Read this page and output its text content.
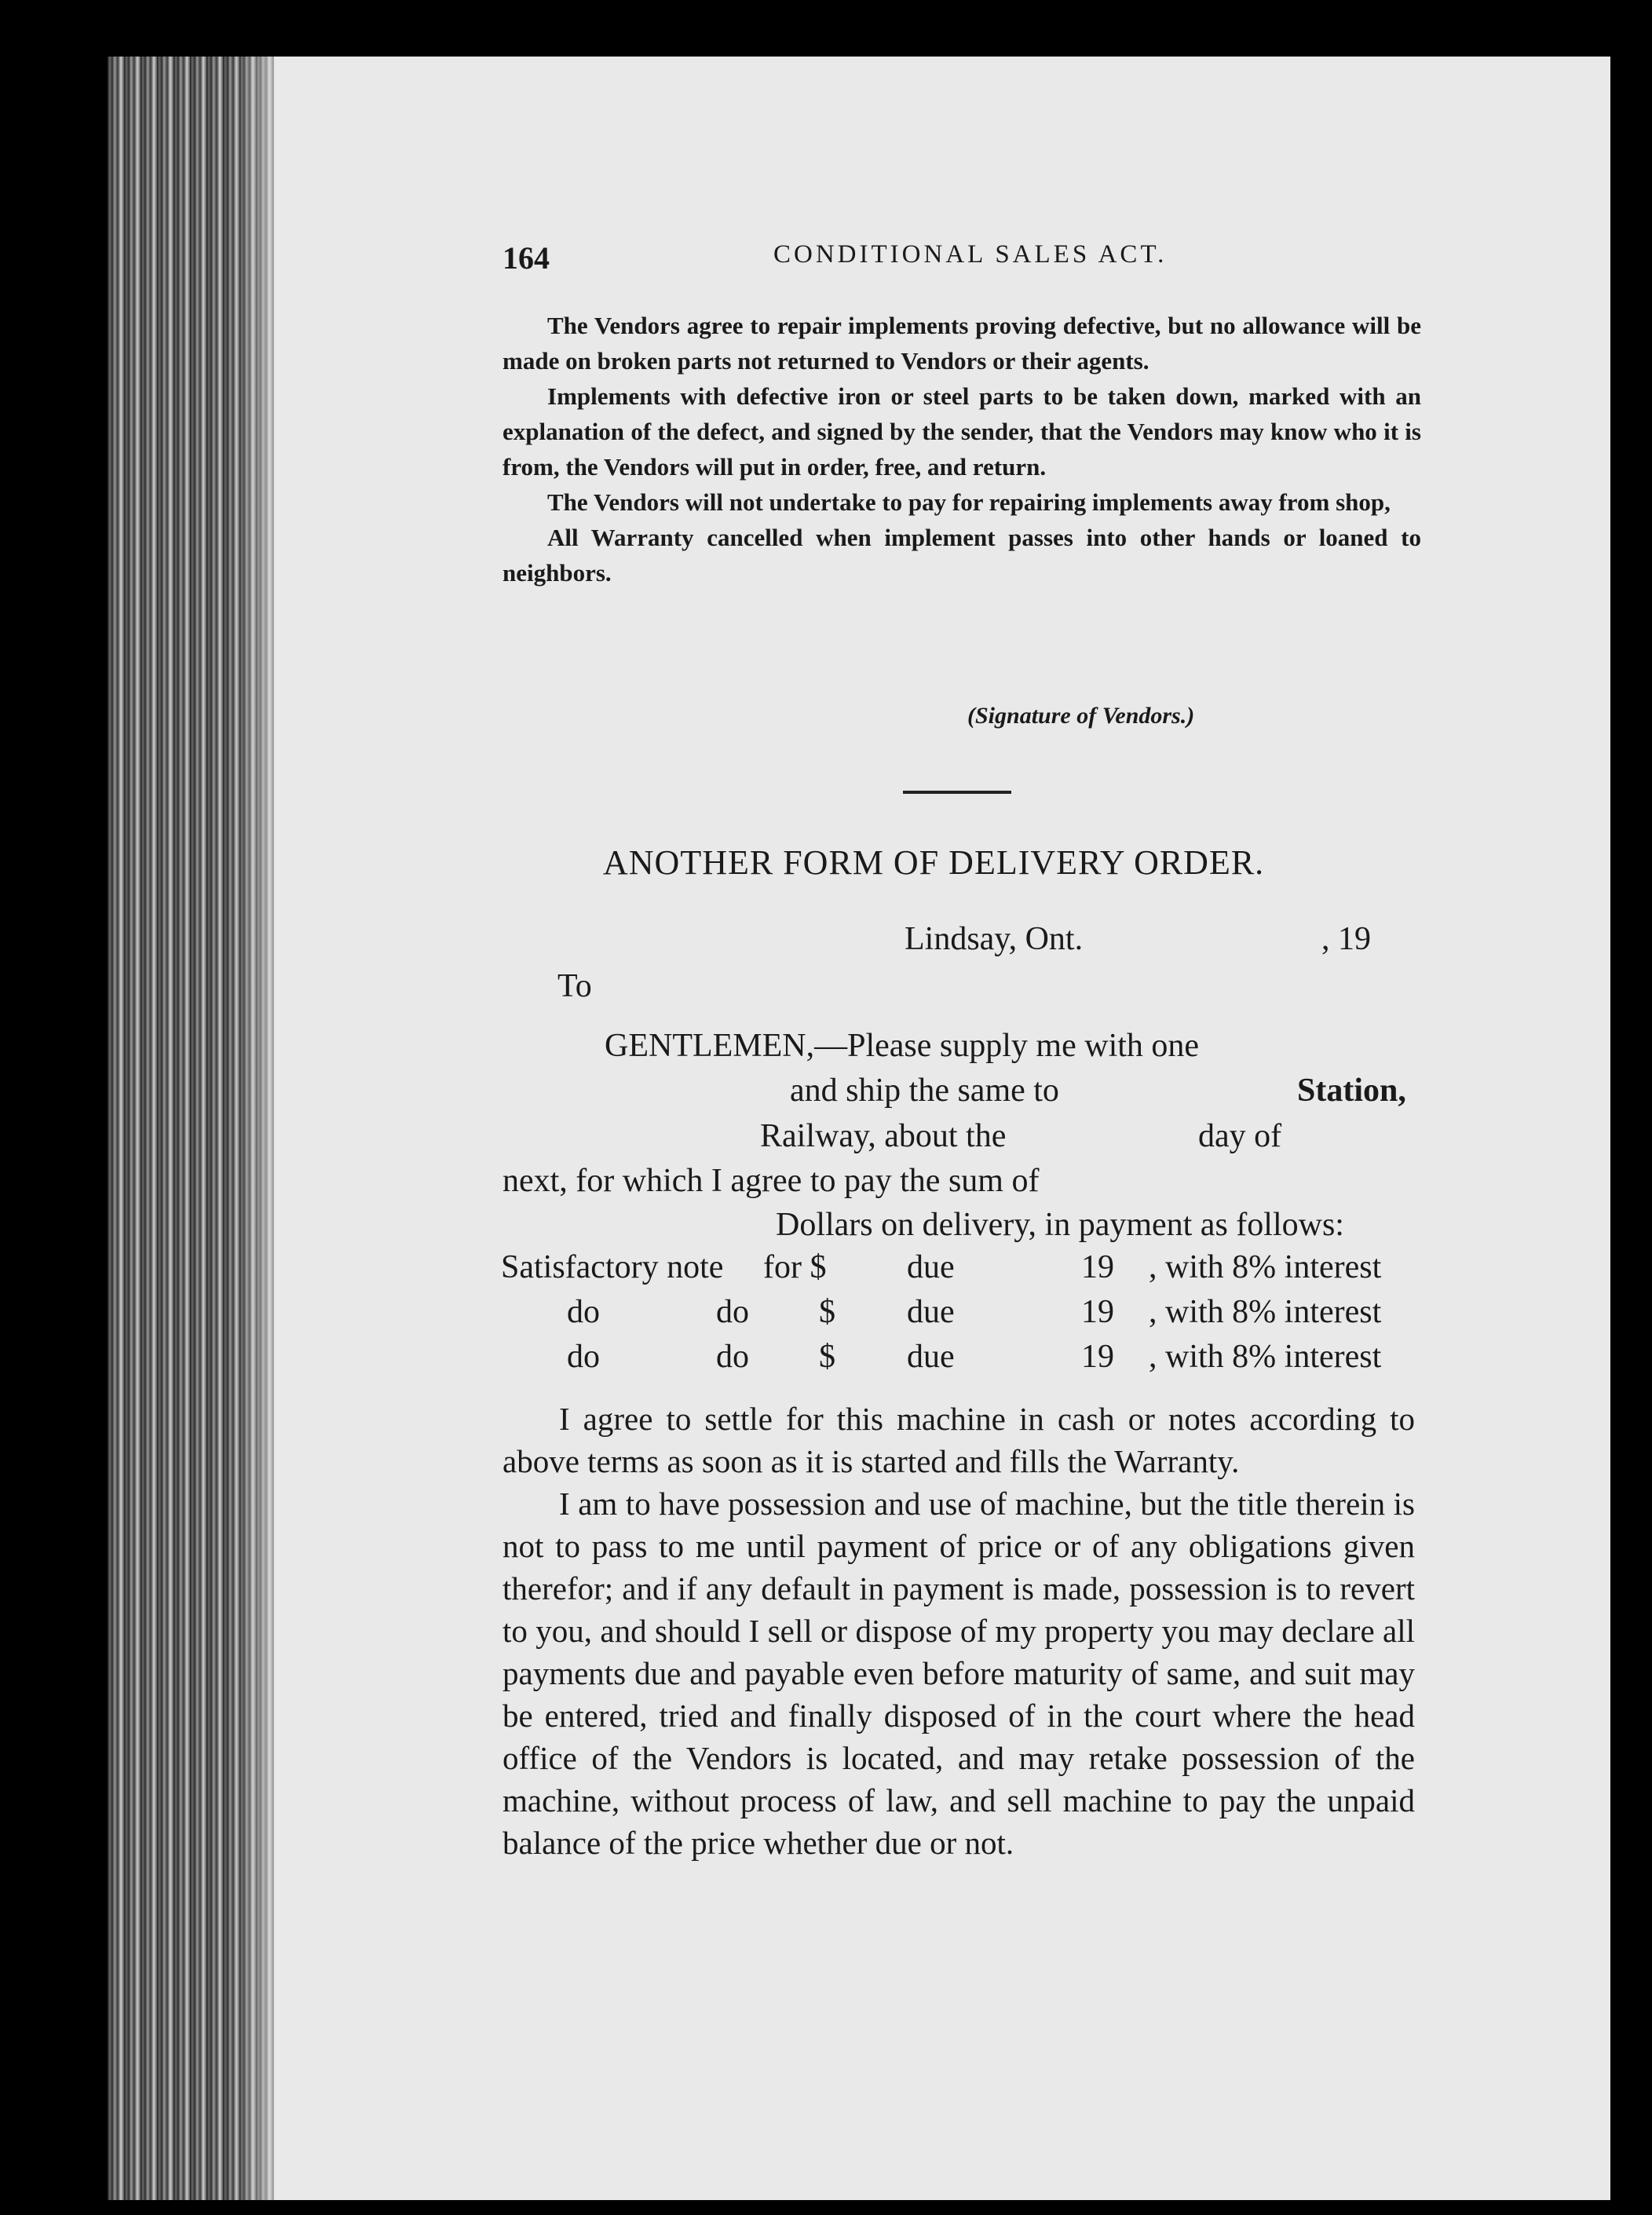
164	CONDITIONAL SALES ACT.

The Vendors agree to repair implements proving defective, but no allowance will be made on broken parts not returned to Vendors or their agents.

Implements with defective iron or steel parts to be taken down, marked with an explanation of the defect, and signed by the sender, that the Vendors may know who it is from, the Vendors will put in order, free, and return.

The Vendors will not undertake to pay for repairing implements away from shop,

All Warranty cancelled when implement passes into other hands or loaned to neighbors.

(Signature of Vendors.)
ANOTHER FORM OF DELIVERY ORDER.
Lindsay, Ont.	, 19
To
GENTLEMEN,—Please supply me with one
and ship the same to	Station,
Railway, about the	day of
next, for which I agree to pay the sum of
Dollars on delivery, in payment as follows:
Satisfactory note for $ due	19 , with 8% interest
do	do $ due	19 , with 8% interest
do	do $ due	19 , with 8% interest

I agree to settle for this machine in cash or notes according to above terms as soon as it is started and fills the Warranty.

I am to have possession and use of machine, but the title therein is not to pass to me until payment of price or of any obligations given therefor; and if any default in payment is made, possession is to revert to you, and should I sell or dispose of my property you may declare all payments due and payable even before maturity of same, and suit may be entered, tried and finally disposed of in the court where the head office of the Vendors is located, and may retake possession of the machine, without process of law, and sell machine to pay the unpaid balance of the price whether due or not.
